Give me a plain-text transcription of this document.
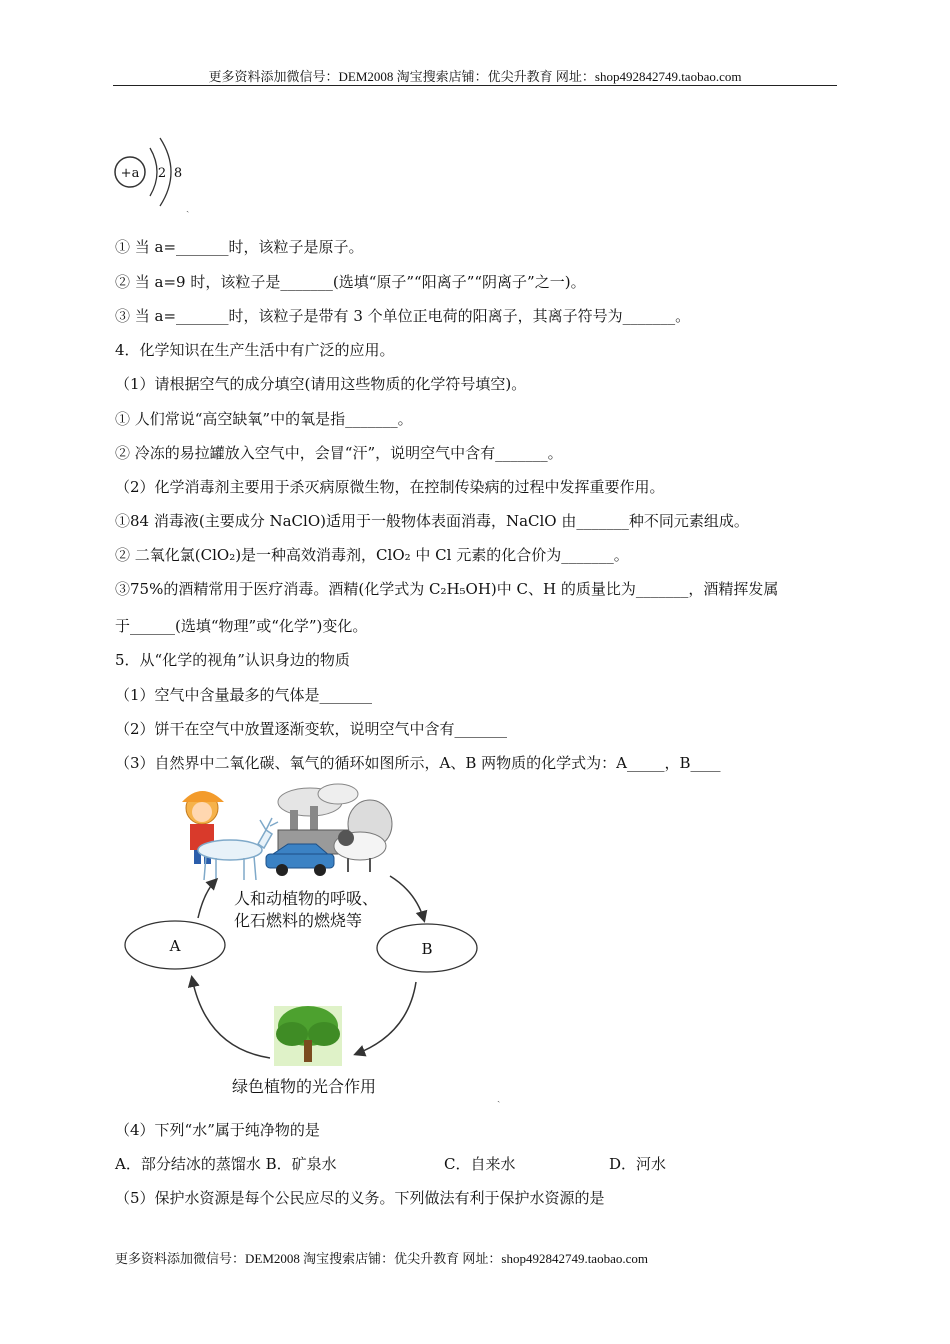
更多资料添加微信号：DEM2008 淘宝搜索店铺：优尖升教育 网址：shop492842749.taobao.com
+a 2 8
ˎ
① 当 a=_______时，该粒子是原子。
② 当 a=9 时，该粒子是_______(选填“原子”“阳离子”“阴离子”之一)。
③ 当 a=_______时，该粒子是带有 3 个单位正电荷的阳离子，其离子符号为_______。
4．化学知识在生产生活中有广泛的应用。
（1）请根据空气的成分填空(请用这些物质的化学符号填空)。
① 人们常说“高空缺氧”中的氧是指_______。
② 冷冻的易拉罐放入空气中，会冒“汗”，说明空气中含有_______。
（2）化学消毒剂主要用于杀灭病原微生物，在控制传染病的过程中发挥重要作用。
①84 消毒液(主要成分 NaClO)适用于一般物体表面消毒，NaClO 由_______种不同元素组成。
② 二氧化氯(ClO₂)是一种高效消毒剂，ClO₂ 中 Cl 元素的化合价为_______。
③75%的酒精常用于医疗消毒。酒精(化学式为 C₂H₅OH)中 C、H 的质量比为_______，酒精挥发属
于______(选填“物理”或“化学”)变化。
5．从“化学的视角”认识身边的物质
（1）空气中含量最多的气体是_______
（2）饼干在空气中放置逐渐变软，说明空气中含有_______
（3）自然界中二氧化碳、氧气的循环如图所示，A、B 两物质的化学式为：A_____，B____
人和动植物的呼吸、
化石燃料的燃烧等
A	B
绿色植物的光合作用
ˎ
（4）下列“水”属于纯净物的是
A．部分结冰的蒸馏水 B．矿泉水	C．自来水	D．河水
（5）保护水资源是每个公民应尽的义务。下列做法有利于保护水资源的是
更多资料添加微信号：DEM2008 淘宝搜索店铺：优尖升教育 网址：shop492842749.taobao.com
